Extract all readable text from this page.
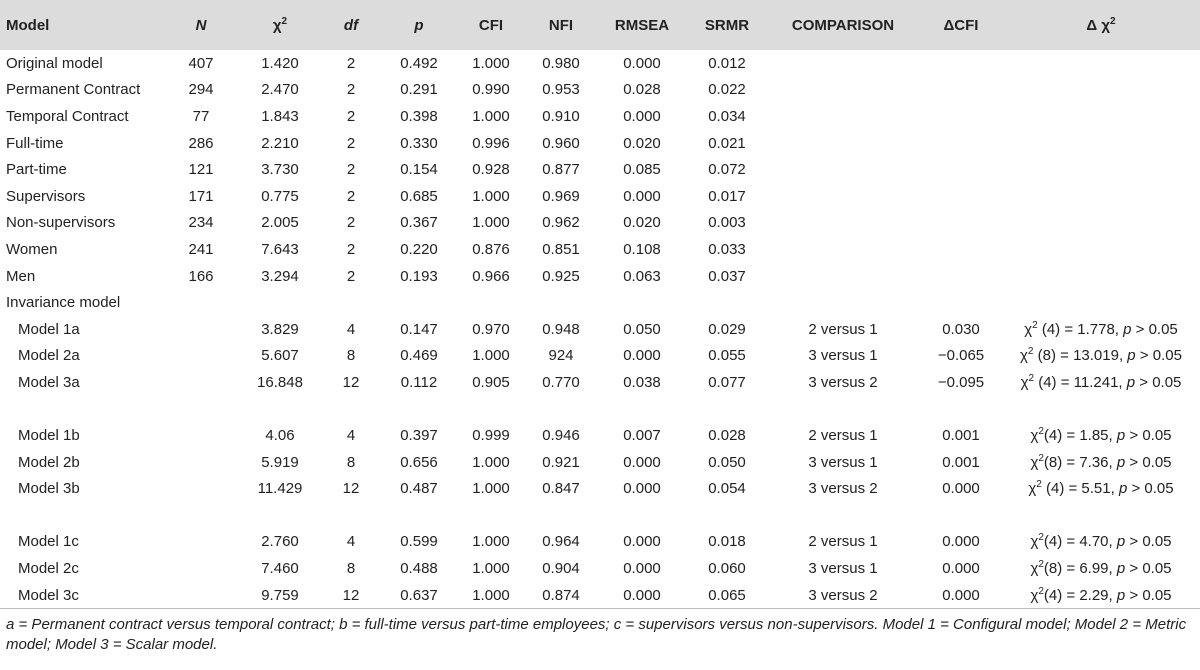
Model	N	$\chi^2$	df	p	CFI	NFI	RMSEA	SRMR	COMPARISON	ΔCFI	Δ $\chi^2$
Original model	407	1.420	2	0.492	1.000	0.980	0.000	0.012			
Permanent Contract	294	2.470	2	0.291	0.990	0.953	0.028	0.022			
Temporal Contract	77	1.843	2	0.398	1.000	0.910	0.000	0.034			
Full-time	286	2.210	2	0.330	0.996	0.960	0.020	0.021			
Part-time	121	3.730	2	0.154	0.928	0.877	0.085	0.072			
Supervisors	171	0.775	2	0.685	1.000	0.969	0.000	0.017			
Non-supervisors	234	2.005	2	0.367	1.000	0.962	0.020	0.003			
Women	241	7.643	2	0.220	0.876	0.851	0.108	0.033			
Men	166	3.294	2	0.193	0.966	0.925	0.063	0.037			
Invariance model											
Model 1a		3.829	4	0.147	0.970	0.948	0.050	0.029	2 versus 1	0.030	$\chi^2$ (4) = 1.778, p > 0.05
Model 2a		5.607	8	0.469	1.000	924	0.000	0.055	3 versus 1	−0.065	$\chi^2$ (8) = 13.019, p > 0.05
Model 3a		16.848	12	0.112	0.905	0.770	0.038	0.077	3 versus 2	−0.095	$\chi^2$ (4) = 11.241, p > 0.05

Model 1b		4.06	4	0.397	0.999	0.946	0.007	0.028	2 versus 1	0.001	$\chi^2(4) = 1.85$, p > 0.05
Model 2b		5.919	8	0.656	1.000	0.921	0.000	0.050	3 versus 1	0.001	$\chi^2(8) = 7.36$, p > 0.05
Model 3b		11.429	12	0.487	1.000	0.847	0.000	0.054	3 versus 2	0.000	$\chi^2$ (4) = 5.51, p > 0.05

Model 1c		2.760	4	0.599	1.000	0.964	0.000	0.018	2 versus 1	0.000	$\chi^2(4) = 4.70$, p > 0.05
Model 2c		7.460	8	0.488	1.000	0.904	0.000	0.060	3 versus 1	0.000	$\chi^2(8) = 6.99$, p > 0.05
Model 3c		9.759	12	0.637	1.000	0.874	0.000	0.065	3 versus 2	0.000	$\chi^2(4) = 2.29$, p > 0.05
a = Permanent contract versus temporal contract; b = full-time versus part-time employees; c = supervisors versus non-supervisors. Model 1 = Configural model; Model 2 = Metric model; Model 3 = Scalar model.
